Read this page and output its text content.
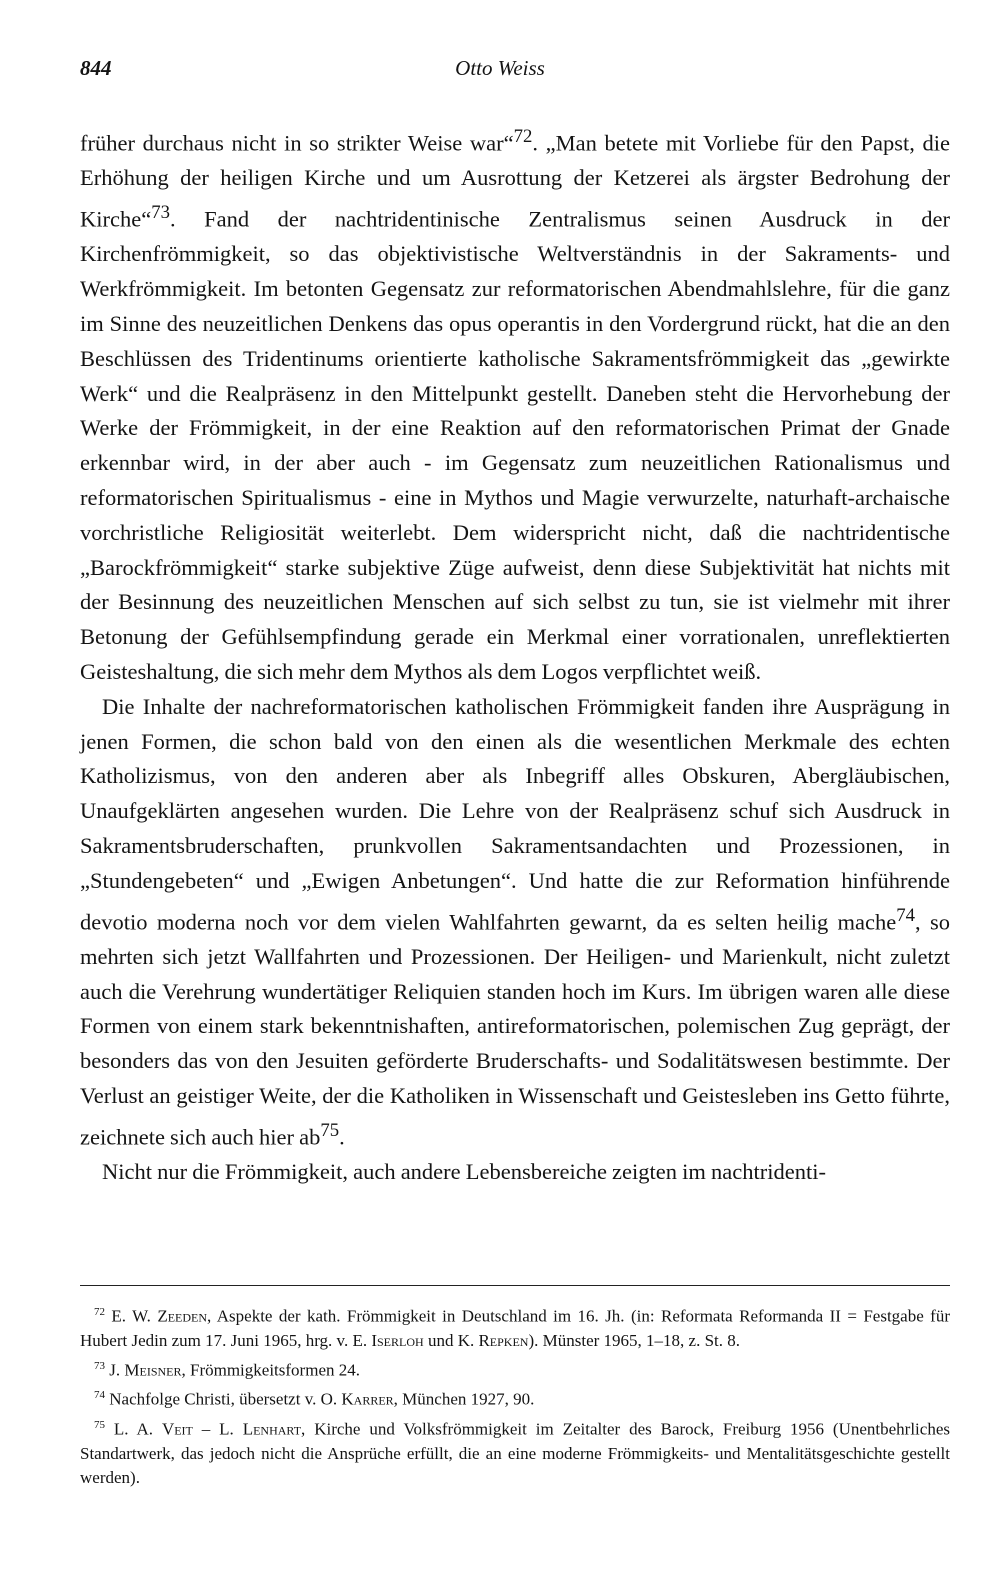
844	Otto Weiss

früher durchaus nicht in so strikter Weise war“$^{72}$. „Man betete mit Vorliebe für den Papst, die Erhöhung der heiligen Kirche und um Ausrottung der Ketzerei als ärgster Bedrohung der Kirche“$^{73}$. Fand der nachtridentinische Zentralismus seinen Ausdruck in der Kirchenfrömmigkeit, so das objektivistische Weltverständnis in der Sakraments- und Werkfrömmigkeit. Im betonten Gegensatz zur reformatorischen Abendmahlslehre, für die ganz im Sinne des neuzeitlichen Denkens das opus operantis in den Vordergrund rückt, hat die an den Beschlüssen des Tridentinums orientierte katholische Sakramentsfrömmigkeit das „gewirkte Werk“ und die Realpräsenz in den Mittelpunkt gestellt. Daneben steht die Hervorhebung der Werke der Frömmigkeit, in der eine Reaktion auf den reformatorischen Primat der Gnade erkennbar wird, in der aber auch - im Gegensatz zum neuzeitlichen Rationalismus und reformatorischen Spiritualismus - eine in Mythos und Magie verwurzelte, naturhaft-archaische vorchristliche Religiosität weiterlebt. Dem widerspricht nicht, daß die nachtridentische „Barockfrömmigkeit“ starke subjektive Züge aufweist, denn diese Subjektivität hat nichts mit der Besinnung des neuzeitlichen Menschen auf sich selbst zu tun, sie ist vielmehr mit ihrer Betonung der Gefühlsempfindung gerade ein Merkmal einer vorrationalen, unreflektierten Geisteshaltung, die sich mehr dem Mythos als dem Logos verpflichtet weiß.

Die Inhalte der nachreformatorischen katholischen Frömmigkeit fanden ihre Ausprägung in jenen Formen, die schon bald von den einen als die wesentlichen Merkmale des echten Katholizismus, von den anderen aber als Inbegriff alles Obskuren, Abergläubischen, Unaufgeklärten angesehen wurden. Die Lehre von der Realpräsenz schuf sich Ausdruck in Sakramentsbruderschaften, prunkvollen Sakramentsandachten und Prozessionen, in „Stundengebeten“ und „Ewigen Anbetungen“. Und hatte die zur Reformation hinführende devotio moderna noch vor dem vielen Wahlfahrten gewarnt, da es selten heilig mache$^{74}$, so mehrten sich jetzt Wallfahrten und Prozessionen. Der Heiligen- und Marienkult, nicht zuletzt auch die Verehrung wundertätiger Reliquien standen hoch im Kurs. Im übrigen waren alle diese Formen von einem stark bekenntnishaften, antireformatorischen, polemischen Zug geprägt, der besonders das von den Jesuiten geförderte Bruderschafts- und Sodalitätswesen bestimmte. Der Verlust an geistiger Weite, der die Katholiken in Wissenschaft und Geistesleben ins Getto führte, zeichnete sich auch hier $ab^{75}$.

Nicht nur die Frömmigkeit, auch andere Lebensbereiche zeigten im nachtridenti-

$^{72}$ E. W. Zeeden, Aspekte der kath. Frömmigkeit in Deutschland im 16. Jh. (in: Reformata Reformanda II = Festgabe für Hubert Jedin zum 17. Juni 1965, hrg. v. E. Iserloh und K. Repken). Münster 1965, 1–18, z. St. 8.

$^{73}$ J. Meisner, Frömmigkeitsformen 24.

$^{74}$ Nachfolge Christi, übersetzt v. O. Karrer, München 1927, 90.

$^{75}$ L. A. Veit – L. Lenhart, Kirche und Volksfrömmigkeit im Zeitalter des Barock, Freiburg 1956 (Unentbehrliches Standartwerk, das jedoch nicht die Ansprüche erfüllt, die an eine moderne Frömmigkeits- und Mentalitätsgeschichte gestellt werden).
